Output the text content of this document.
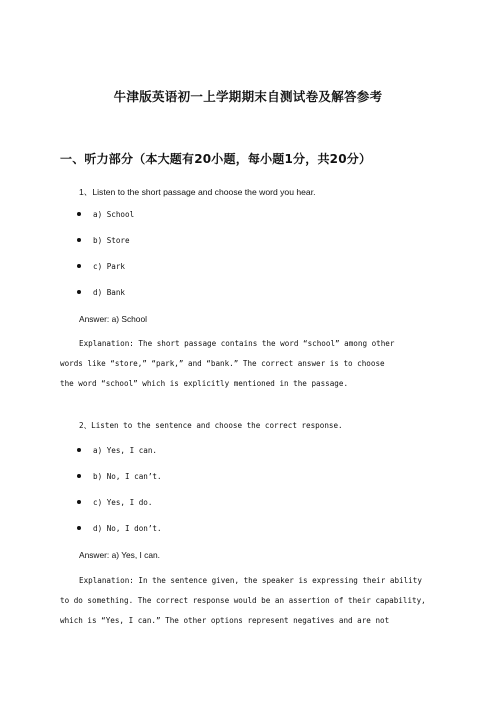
牛津版英语初一上学期期末自测试卷及解答参考
一、听力部分（本大题有20小题，每小题1分，共20分）
1、Listen to the short passage and choose the word you hear.
a) School
b) Store
c) Park
d) Bank
Answer: a) School
Explanation: The short passage contains the word “school” among other
words like “store,” “park,” and “bank.” The correct answer is to choose
the word “school” which is explicitly mentioned in the passage.
2、Listen to the sentence and choose the correct response.
a) Yes, I can.
b) No, I can’t.
c) Yes, I do.
d) No, I don’t.
Answer: a) Yes, I can.
Explanation: In the sentence given, the speaker is expressing their ability
to do something. The correct response would be an assertion of their capability,
which is “Yes, I can.” The other options represent negatives and are not
